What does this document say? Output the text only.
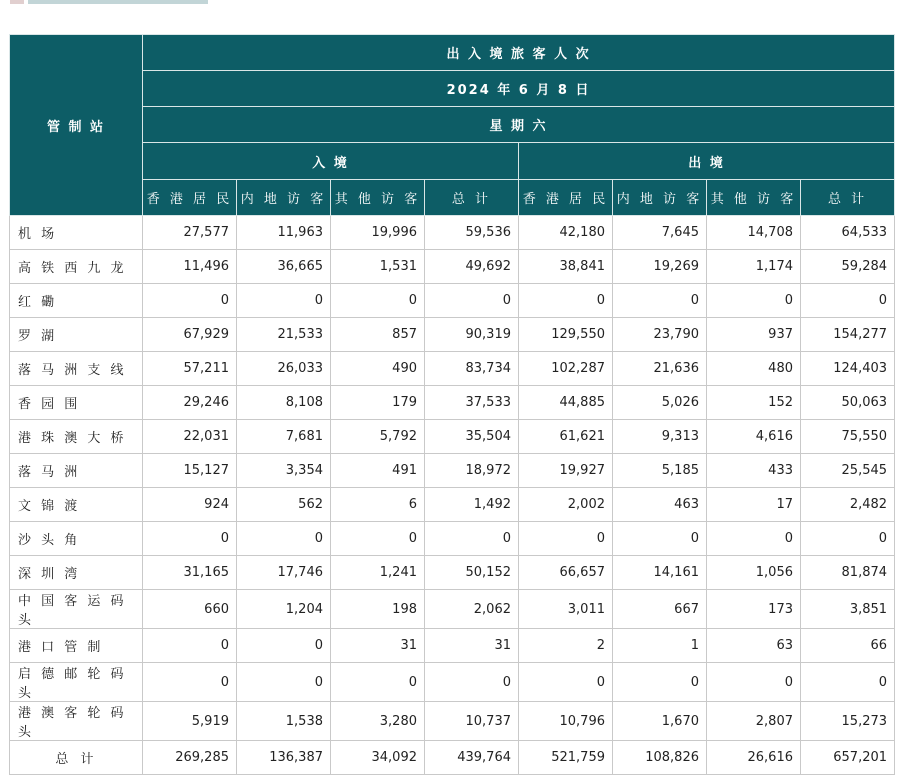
管 制 站	出 入 境 旅 客 人 次							
	2024 年 6 月 8 日							
	星 期 六							
	入 境				出 境			
	香 港 居 民	内 地 访 客	其 他 访 客	总 计	香 港 居 民	内 地 访 客	其 他 访 客	总 计
机 场	27,577	11,963	19,996	59,536	42,180	7,645	14,708	64,533
高 铁 西 九 龙	11,496	36,665	1,531	49,692	38,841	19,269	1,174	59,284
红 磡	0	0	0	0	0	0	0	0
罗 湖	67,929	21,533	857	90,319	129,550	23,790	937	154,277
落 马 洲 支 线	57,211	26,033	490	83,734	102,287	21,636	480	124,403
香 园 围	29,246	8,108	179	37,533	44,885	5,026	152	50,063
港 珠 澳 大 桥	22,031	7,681	5,792	35,504	61,621	9,313	4,616	75,550
落 马 洲	15,127	3,354	491	18,972	19,927	5,185	433	25,545
文 锦 渡	924	562	6	1,492	2,002	463	17	2,482
沙 头 角	0	0	0	0	0	0	0	0
深 圳 湾	31,165	17,746	1,241	50,152	66,657	14,161	1,056	81,874
中 国 客 运 码 头	660	1,204	198	2,062	3,011	667	173	3,851
港 口 管 制	0	0	31	31	2	1	63	66
启 德 邮 轮 码 头	0	0	0	0	0	0	0	0
港 澳 客 轮 码 头	5,919	1,538	3,280	10,737	10,796	1,670	2,807	15,273
总 计	269,285	136,387	34,092	439,764	521,759	108,826	26,616	657,201
